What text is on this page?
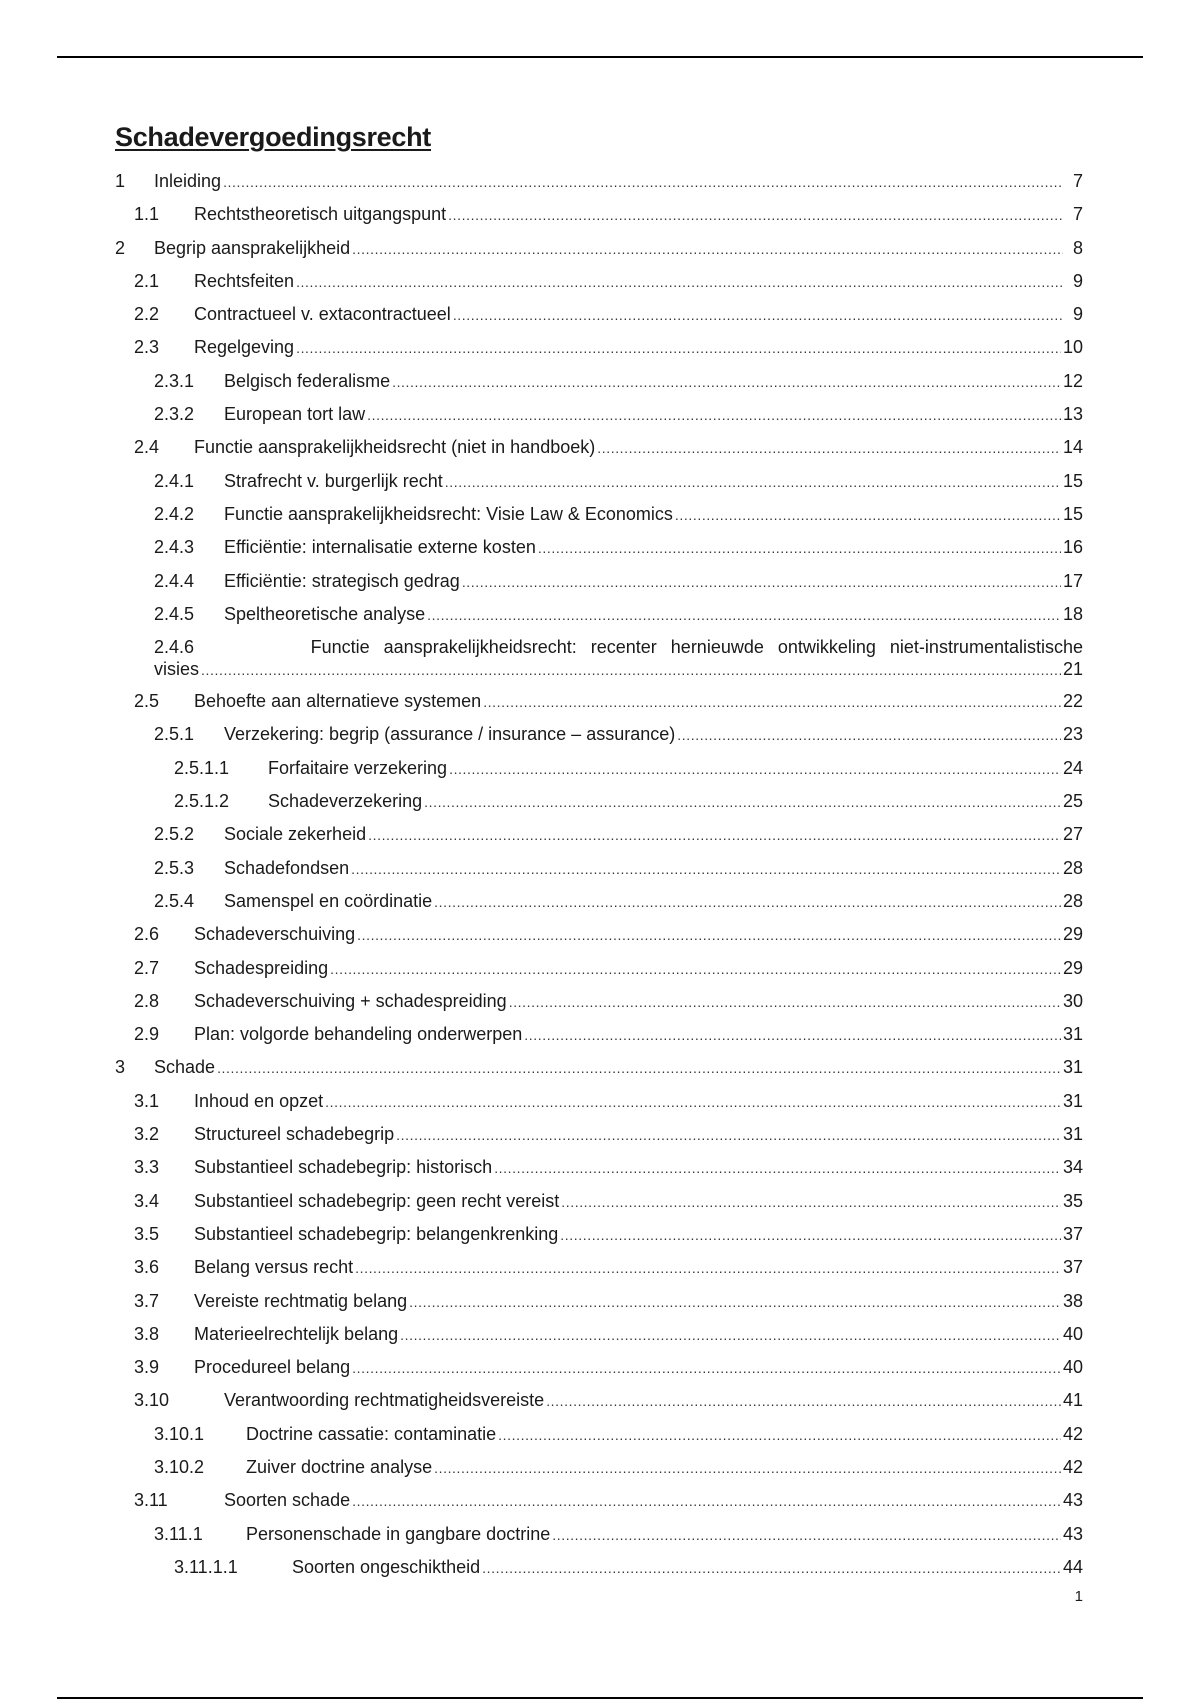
Schadevergoedingsrecht
1	Inleiding .....	7
1.1	Rechtstheoretisch uitgangspunt .....	7
2	Begrip aansprakelijkheid .....	8
2.1	Rechtsfeiten .....	9
2.2	Contractueel v. extacontractueel .....	9
2.3	Regelgeving .....	10
2.3.1	Belgisch federalisme .....	12
2.3.2	European tort law .....	13
2.4	Functie aansprakelijkheidsrecht (niet in handboek) .....	14
2.4.1	Strafrecht v. burgerlijk recht .....	15
2.4.2	Functie aansprakelijkheidsrecht: Visie Law & Economics .....	15
2.4.3	Efficiëntie: internalisatie externe kosten .....	16
2.4.4	Efficiëntie: strategisch gedrag .....	17
2.4.5	Speltheoretische analyse .....	18
2.4.6	Functie aansprakelijkheidsrecht: recenter hernieuwde ontwikkeling niet-instrumentalistische
visies .....	21
2.5	Behoefte aan alternatieve systemen .....	22
2.5.1	Verzekering: begrip (assurance / insurance – assurance) .....	23
2.5.1.1	Forfaitaire verzekering .....	24
2.5.1.2	Schadeverzekering .....	25
2.5.2	Sociale zekerheid .....	27
2.5.3	Schadefondsen .....	28
2.5.4	Samenspel en coördinatie .....	28
2.6	Schadeverschuiving .....	29
2.7	Schadespreiding .....	29
2.8	Schadeverschuiving + schadespreiding .....	30
2.9	Plan: volgorde behandeling onderwerpen .....	31
3	Schade .....	31
3.1	Inhoud en opzet .....	31
3.2	Structureel schadebegrip .....	31
3.3	Substantieel schadebegrip: historisch .....	34
3.4	Substantieel schadebegrip: geen recht vereist .....	35
3.5	Substantieel schadebegrip: belangenkrenking .....	37
3.6	Belang versus recht .....	37
3.7	Vereiste rechtmatig belang .....	38
3.8	Materieelrechtelijk belang .....	40
3.9	Procedureel belang .....	40
3.10	Verantwoording rechtmatigheidsvereiste .....	41
3.10.1	Doctrine cassatie: contaminatie .....	42
3.10.2	Zuiver doctrine analyse .....	42
3.11	Soorten schade .....	43
3.11.1	Personenschade in gangbare doctrine .....	43
3.11.1.1	Soorten ongeschiktheid .....	44
1
